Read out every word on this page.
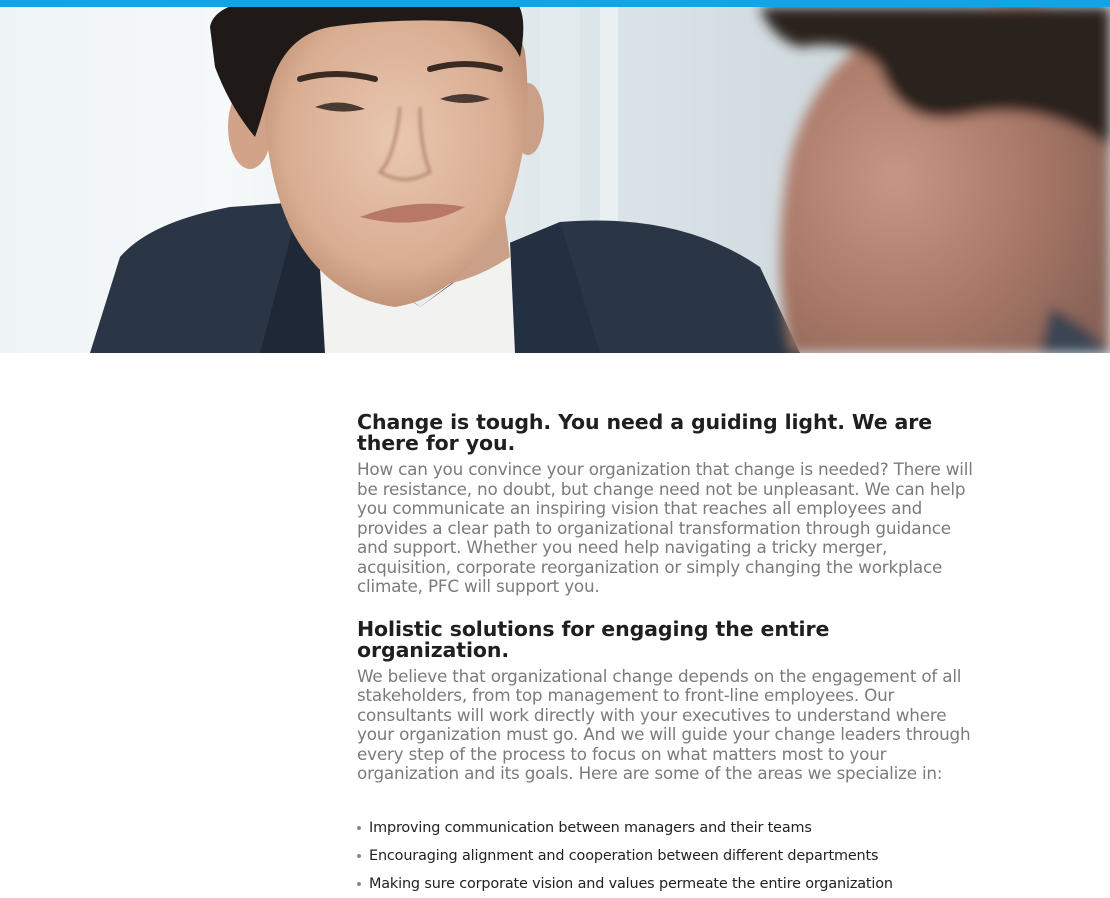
Change is tough. You need a guiding light. We are there for you.

How can you convince your organization that change is needed? There will be resistance, no doubt, but change need not be unpleasant. We can help you communicate an inspiring vision that reaches all employees and provides a clear path to organizational transformation through guidance and support. Whether you need help navigating a tricky merger, acquisition, corporate reorganization or simply changing the workplace climate, PFC will support you.

Holistic solutions for engaging the entire organization.

We believe that organizational change depends on the engagement of all stakeholders, from top management to front-line employees. Our consultants will work directly with your executives to understand where your organization must go. And we will guide your change leaders through every step of the process to focus on what matters most to your organization and its goals. Here are some of the areas we specialize in:

Improving communication between managers and their teams
Encouraging alignment and cooperation between different departments
Making sure corporate vision and values permeate the entire organization
